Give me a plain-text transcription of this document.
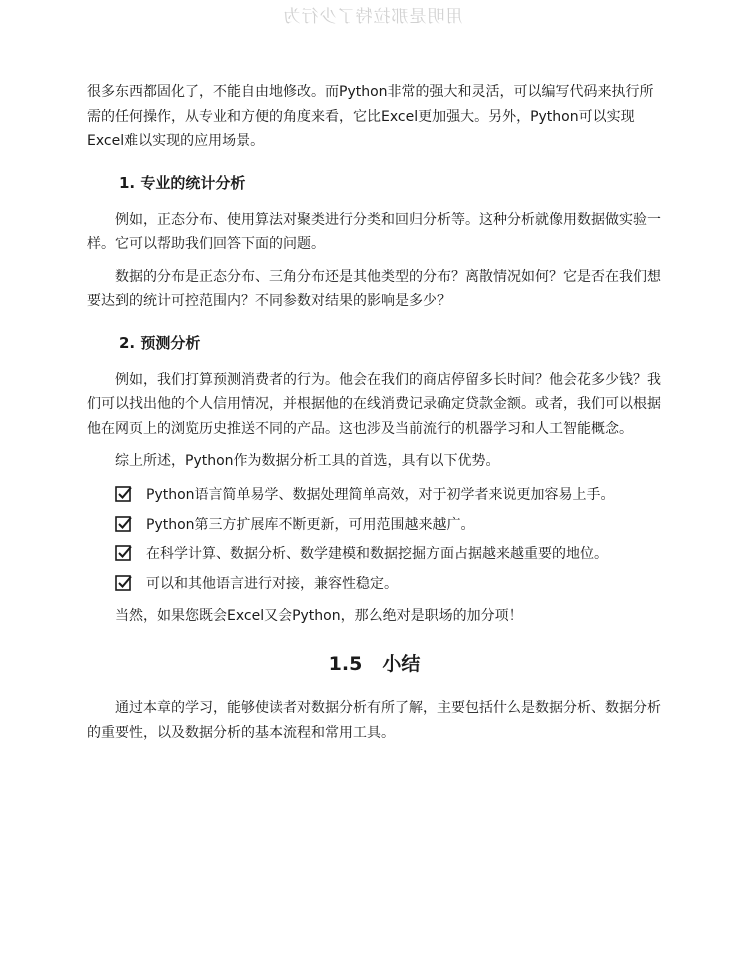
用明是那拉特了少行为

很多东西都固化了，不能自由地修改。而Python非常的强大和灵活，可以编写代码来执行所需的任何操作，从专业和方便的角度来看，它比Excel更加强大。另外，Python可以实现Excel难以实现的应用场景。

1. 专业的统计分析

例如，正态分布、使用算法对聚类进行分类和回归分析等。这种分析就像用数据做实验一样。它可以帮助我们回答下面的问题。

数据的分布是正态分布、三角分布还是其他类型的分布？离散情况如何？它是否在我们想要达到的统计可控范围内？不同参数对结果的影响是多少？

2. 预测分析

例如，我们打算预测消费者的行为。他会在我们的商店停留多长时间？他会花多少钱？我们可以找出他的个人信用情况，并根据他的在线消费记录确定贷款金额。或者，我们可以根据他在网页上的浏览历史推送不同的产品。这也涉及当前流行的机器学习和人工智能概念。

综上所述，Python作为数据分析工具的首选，具有以下优势。

Python语言简单易学、数据处理简单高效，对于初学者来说更加容易上手。
Python第三方扩展库不断更新，可用范围越来越广。
在科学计算、数据分析、数学建模和数据挖掘方面占据越来越重要的地位。
可以和其他语言进行对接，兼容性稳定。

当然，如果您既会Excel又会Python，那么绝对是职场的加分项！

1.5 小结

通过本章的学习，能够使读者对数据分析有所了解，主要包括什么是数据分析、数据分析的重要性，以及数据分析的基本流程和常用工具。
